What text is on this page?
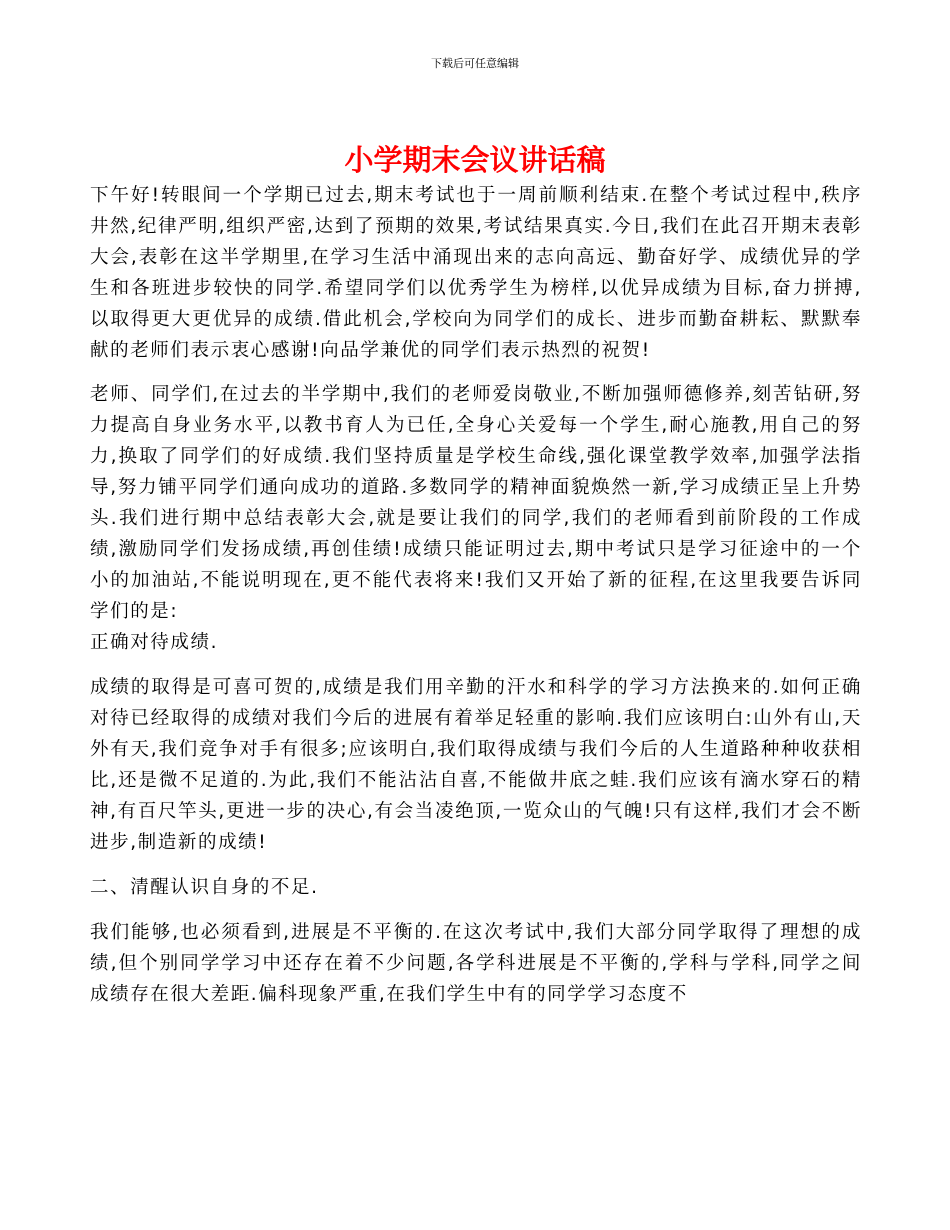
下载后可任意编辑
小学期末会议讲话稿

下午好!转眼间一个学期已过去,期末考试也于一周前顺利结束.在整个考试过程中,秩序井然,纪律严明,组织严密,达到了预期的效果,考试结果真实.今日,我们在此召开期末表彰大会,表彰在这半学期里,在学习生活中涌现出来的志向高远、勤奋好学、成绩优异的学生和各班进步较快的同学.希望同学们以优秀学生为榜样,以优异成绩为目标,奋力拼搏,以取得更大更优异的成绩.借此机会,学校向为同学们的成长、进步而勤奋耕耘、默默奉献的老师们表示衷心感谢!向品学兼优的同学们表示热烈的祝贺!

老师、同学们,在过去的半学期中,我们的老师爱岗敬业,不断加强师德修养,刻苦钻研,努力提高自身业务水平,以教书育人为已任,全身心关爱每一个学生,耐心施教,用自己的努力,换取了同学们的好成绩.我们坚持质量是学校生命线,强化课堂教学效率,加强学法指导,努力铺平同学们通向成功的道路.多数同学的精神面貌焕然一新,学习成绩正呈上升势头.我们进行期中总结表彰大会,就是要让我们的同学,我们的老师看到前阶段的工作成绩,激励同学们发扬成绩,再创佳绩!成绩只能证明过去,期中考试只是学习征途中的一个小的加油站,不能说明现在,更不能代表将来!我们又开始了新的征程,在这里我要告诉同学们的是:

正确对待成绩.

成绩的取得是可喜可贺的,成绩是我们用辛勤的汗水和科学的学习方法换来的.如何正确对待已经取得的成绩对我们今后的进展有着举足轻重的影响.我们应该明白:山外有山,天外有天,我们竞争对手有很多;应该明白,我们取得成绩与我们今后的人生道路种种收获相比,还是微不足道的.为此,我们不能沾沾自喜,不能做井底之蛙.我们应该有滴水穿石的精神,有百尺竿头,更进一步的决心,有会当凌绝顶,一览众山的气魄!只有这样,我们才会不断进步,制造新的成绩!

二、清醒认识自身的不足.

我们能够,也必须看到,进展是不平衡的.在这次考试中,我们大部分同学取得了理想的成绩,但个别同学学习中还存在着不少问题,各学科进展是不平衡的,学科与学科,同学之间成绩存在很大差距.偏科现象严重,在我们学生中有的同学学习态度不
